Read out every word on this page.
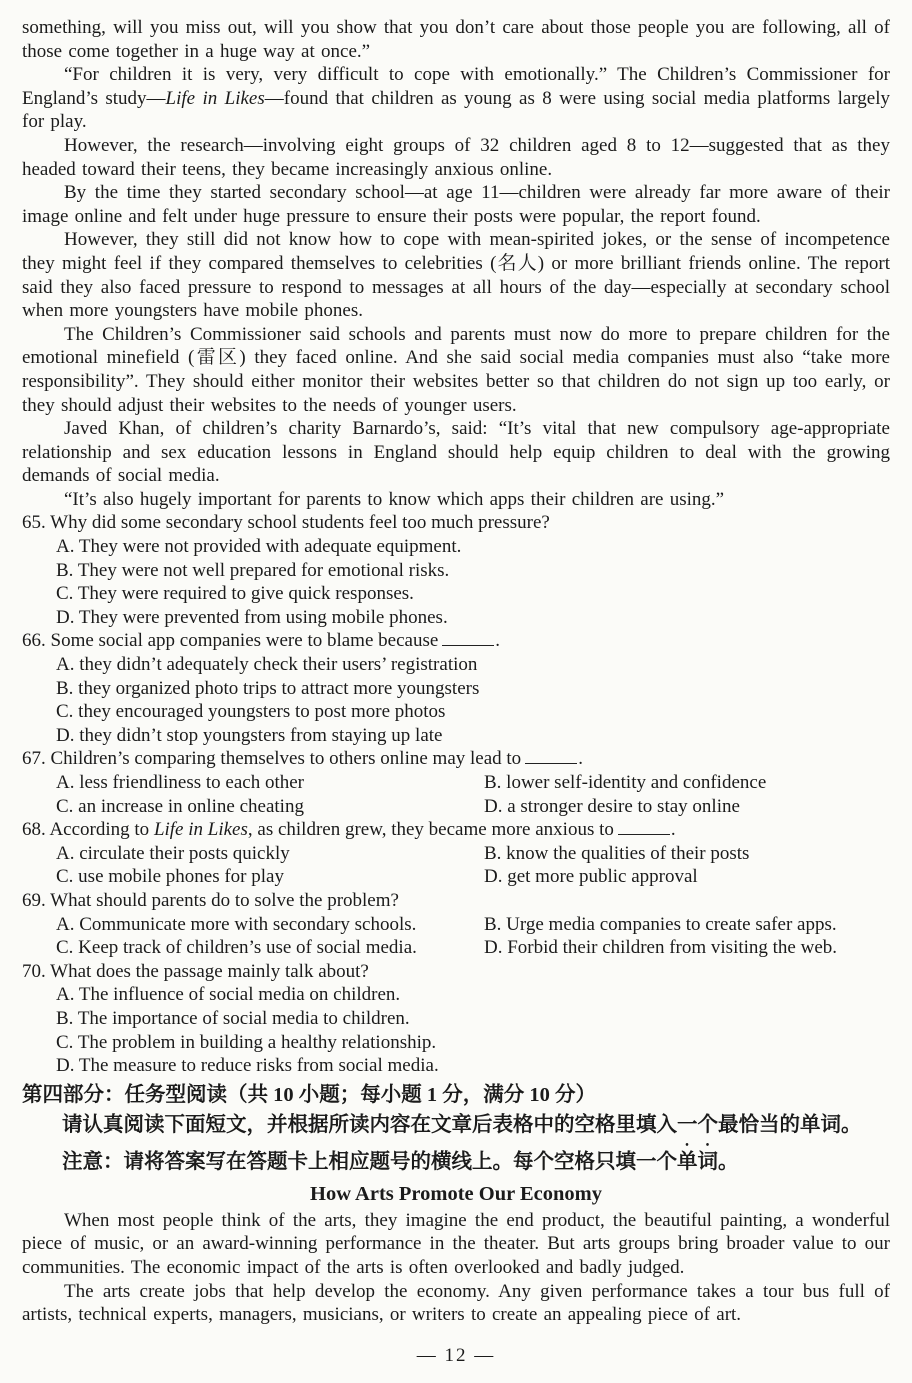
something, will you miss out, will you show that you don’t care about those people you are following, all of those come together in a huge way at once.”

“For children it is very, very difficult to cope with emotionally.” The Children’s Commissioner for England’s study—Life in Likes—found that children as young as 8 were using social media platforms largely for play.

However, the research—involving eight groups of 32 children aged 8 to 12—suggested that as they headed toward their teens, they became increasingly anxious online.

By the time they started secondary school—at age 11—children were already far more aware of their image online and felt under huge pressure to ensure their posts were popular, the report found.

However, they still did not know how to cope with mean-spirited jokes, or the sense of incompetence they might feel if they compared themselves to celebrities (名人) or more brilliant friends online. The report said they also faced pressure to respond to messages at all hours of the day—especially at secondary school when more youngsters have mobile phones.

The Children’s Commissioner said schools and parents must now do more to prepare children for the emotional minefield (雷区) they faced online. And she said social media companies must also “take more responsibility”. They should either monitor their websites better so that children do not sign up too early, or they should adjust their websites to the needs of younger users.

Javed Khan, of children’s charity Barnardo’s, said: “It’s vital that new compulsory age-appropriate relationship and sex education lessons in England should help equip children to deal with the growing demands of social media.

“It’s also hugely important for parents to know which apps their children are using.”

65. Why did some secondary school students feel too much pressure?

A. They were not provided with adequate equipment.

B. They were not well prepared for emotional risks.

C. They were required to give quick responses.

D. They were prevented from using mobile phones.

66. Some social app companies were to blame because	.

A. they didn’t adequately check their users’ registration

B. they organized photo trips to attract more youngsters

C. they encouraged youngsters to post more photos

D. they didn’t stop youngsters from staying up late

67. Children’s comparing themselves to others online may lead to	.

A. less friendliness to each other	B. lower self-identity and confidence
C. an increase in online cheating	D. a stronger desire to stay online

68. According to Life in Likes, as children grew, they became more anxious to	.

A. circulate their posts quickly	B. know the qualities of their posts
C. use mobile phones for play	D. get more public approval

69. What should parents do to solve the problem?

A. Communicate more with secondary schools.	B. Urge media companies to create safer apps.
C. Keep track of children’s use of social media.	D. Forbid their children from visiting the web.

70. What does the passage mainly talk about?

A. The influence of social media on children.

B. The importance of social media to children.

C. The problem in building a healthy relationship.

D. The measure to reduce risks from social media.

第四部分：任务型阅读（共 10 小题；每小题 1 分，满分 10 分）

请认真阅读下面短文，并根据所读内容在文章后表格中的空格里填入一个最恰当的单词。

注意：请将答案写在答题卡上相应题号的横线上。每个空格只填一个单词。

How Arts Promote Our Economy

When most people think of the arts, they imagine the end product, the beautiful painting, a wonderful piece of music, or an award-winning performance in the theater. But arts groups bring broader value to our communities. The economic impact of the arts is often overlooked and badly judged.

The arts create jobs that help develop the economy. Any given performance takes a tour bus full of artists, technical experts, managers, musicians, or writers to create an appealing piece of art.

— 12 —
